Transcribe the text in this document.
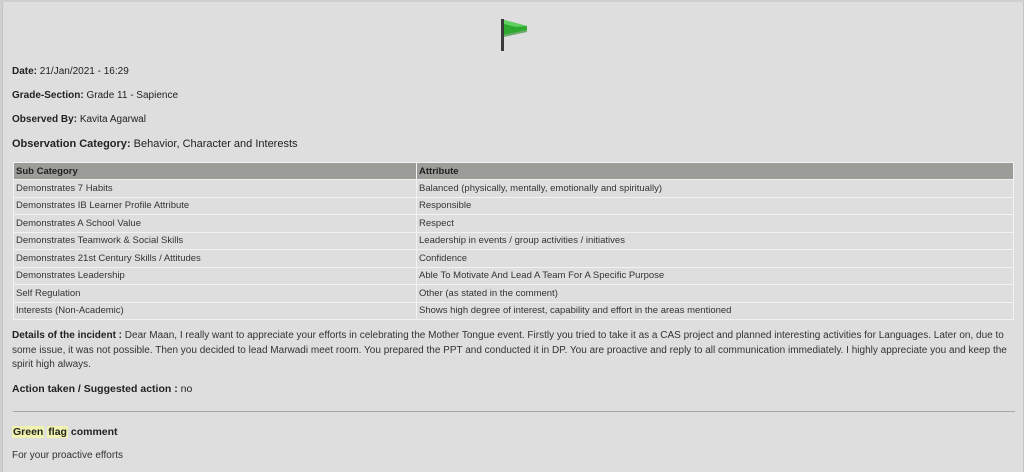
Date: 21/Jan/2021 - 16:29
Grade-Section: Grade 11 - Sapience
Observed By: Kavita Agarwal
Observation Category: Behavior, Character and Interests
Sub Category	Attribute
Demonstrates 7 Habits	Balanced (physically, mentally, emotionally and spiritually)
Demonstrates IB Learner Profile Attribute	Responsible
Demonstrates A School Value	Respect
Demonstrates Teamwork & Social Skills	Leadership in events / group activities / initiatives
Demonstrates 21st Century Skills / Attitudes	Confidence
Demonstrates Leadership	Able To Motivate And Lead A Team For A Specific Purpose
Self Regulation	Other (as stated in the comment)
Interests (Non-Academic)	Shows high degree of interest, capability and effort in the areas mentioned
Details of the incident : Dear Maan, I really want to appreciate your efforts in celebrating the Mother Tongue event. Firstly you tried to take it as a CAS project and planned interesting activities for Languages. Later on, due to some issue, it was not possible. Then you decided to lead Marwadi meet room. You prepared the PPT and conducted it in DP. You are proactive and reply to all communication immediately. I highly appreciate you and keep the spirit high always.
Action taken / Suggested action : no
Green flag comment
For your proactive efforts
